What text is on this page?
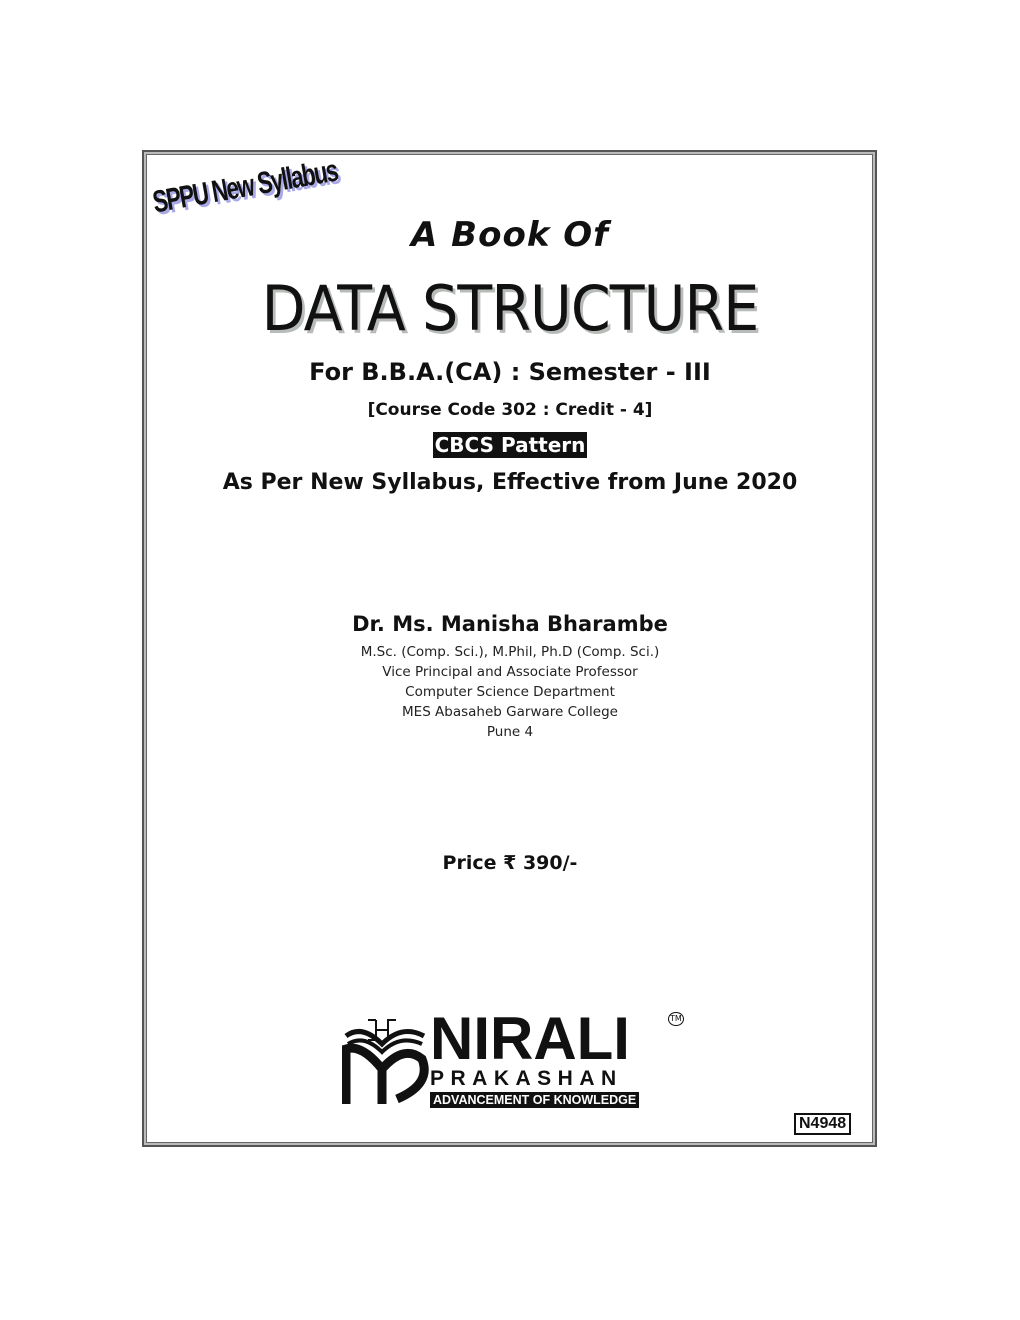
SPPU New Syllabus
A Book Of
DATA STRUCTURE
For B.B.A.(CA) : Semester - III
[Course Code 302 : Credit - 4]
CBCS Pattern
As Per New Syllabus, Effective from June 2020
Dr. Ms. Manisha Bharambe
M.Sc. (Comp. Sci.), M.Phil, Ph.D (Comp. Sci.)
Vice Principal and Associate Professor
Computer Science Department
MES Abasaheb Garware College
Pune 4
Price ₹ 390/-
NIRALI	TM
PRAKASHAN
ADVANCEMENT OF KNOWLEDGE
N4948
